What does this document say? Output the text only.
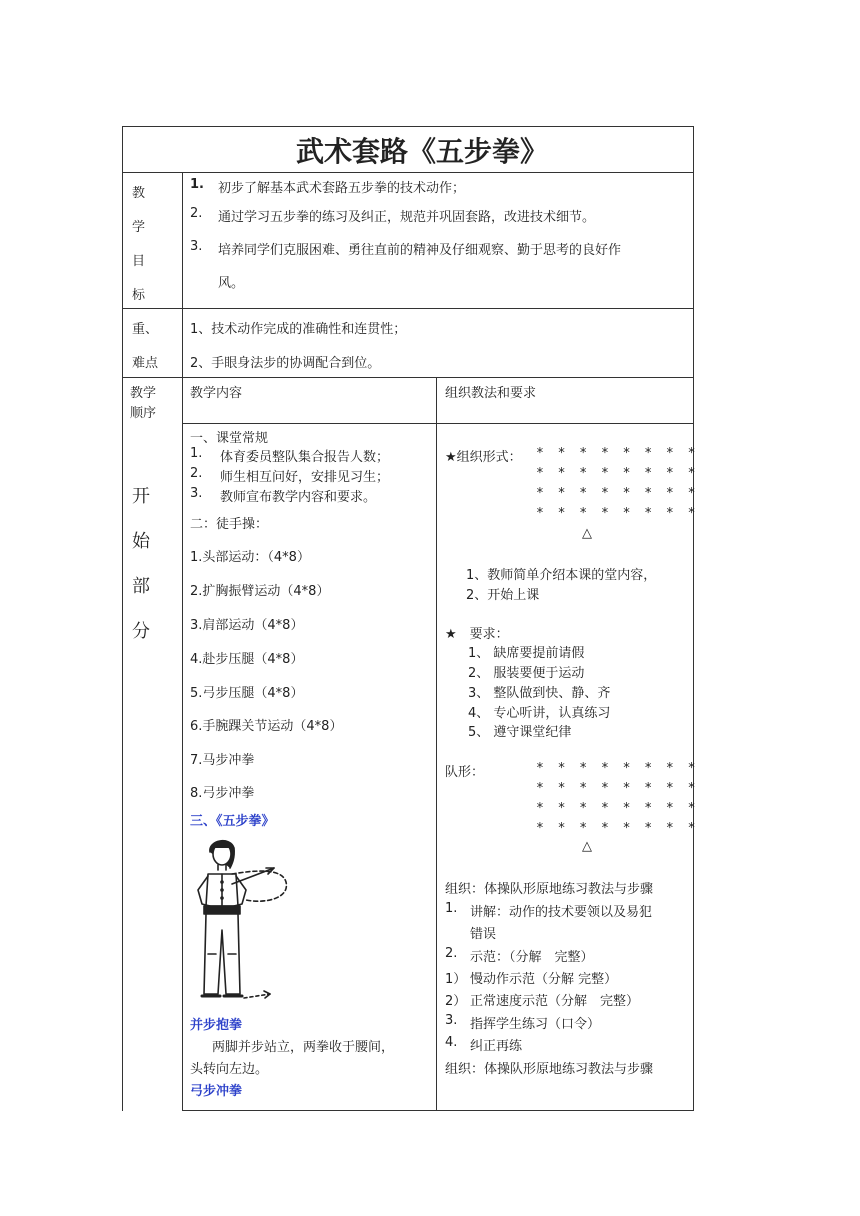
武术套路《五步拳》
教
学
目
标
1. 初步了解基本武术套路五步拳的技术动作；
2. 通过学习五步拳的练习及纠正，规范并巩固套路，改进技术细节。
3. 培养同学们克服困难、勇往直前的精神及仔细观察、勤于思考的良好作
风。
重、
难点
1、技术动作完成的准确性和连贯性；
2、手眼身法步的协调配合到位。
教学
顺序
教学内容	组织教法和要求
开
始
部
分
一、课堂常规
1. 体育委员整队集合报告人数；
2. 师生相互问好，安排见习生；
3. 教师宣布教学内容和要求。
二：徒手操：
1.头部运动：（4*8）
2.扩胸振臂运动（4*8）
3.肩部运动（4*8）
4.赴步压腿（4*8）
5.弓步压腿（4*8）
6.手腕踝关节运动（4*8）
7.马步冲拳
8.弓步冲拳
三、《五步拳》
并步抱拳
两脚并步站立，两拳收于腰间，
头转向左边。
弓步冲拳
★组织形式： * * * * * * * *
* * * * * * * *
* * * * * * * *
* * * * * * * *
△
1、教师简单介绍本课的堂内容，
2、开始上课
★　要求：
1、 缺席要提前请假
2、 服装要便于运动
3、 整队做到快、静、齐
4、 专心听讲，认真练习
5、 遵守课堂纪律
队形：	* * * * * * * *
* * * * * * * *
* * * * * * * *
* * * * * * * *
△
组织：体操队形原地练习教法与步骤
1. 讲解：动作的技术要领以及易犯
错误
2. 示范：（分解　完整）
1） 慢动作示范（分解 完整）
2） 正常速度示范（分解　完整）
3. 指挥学生练习（口令）
4. 纠正再练
组织：体操队形原地练习教法与步骤
